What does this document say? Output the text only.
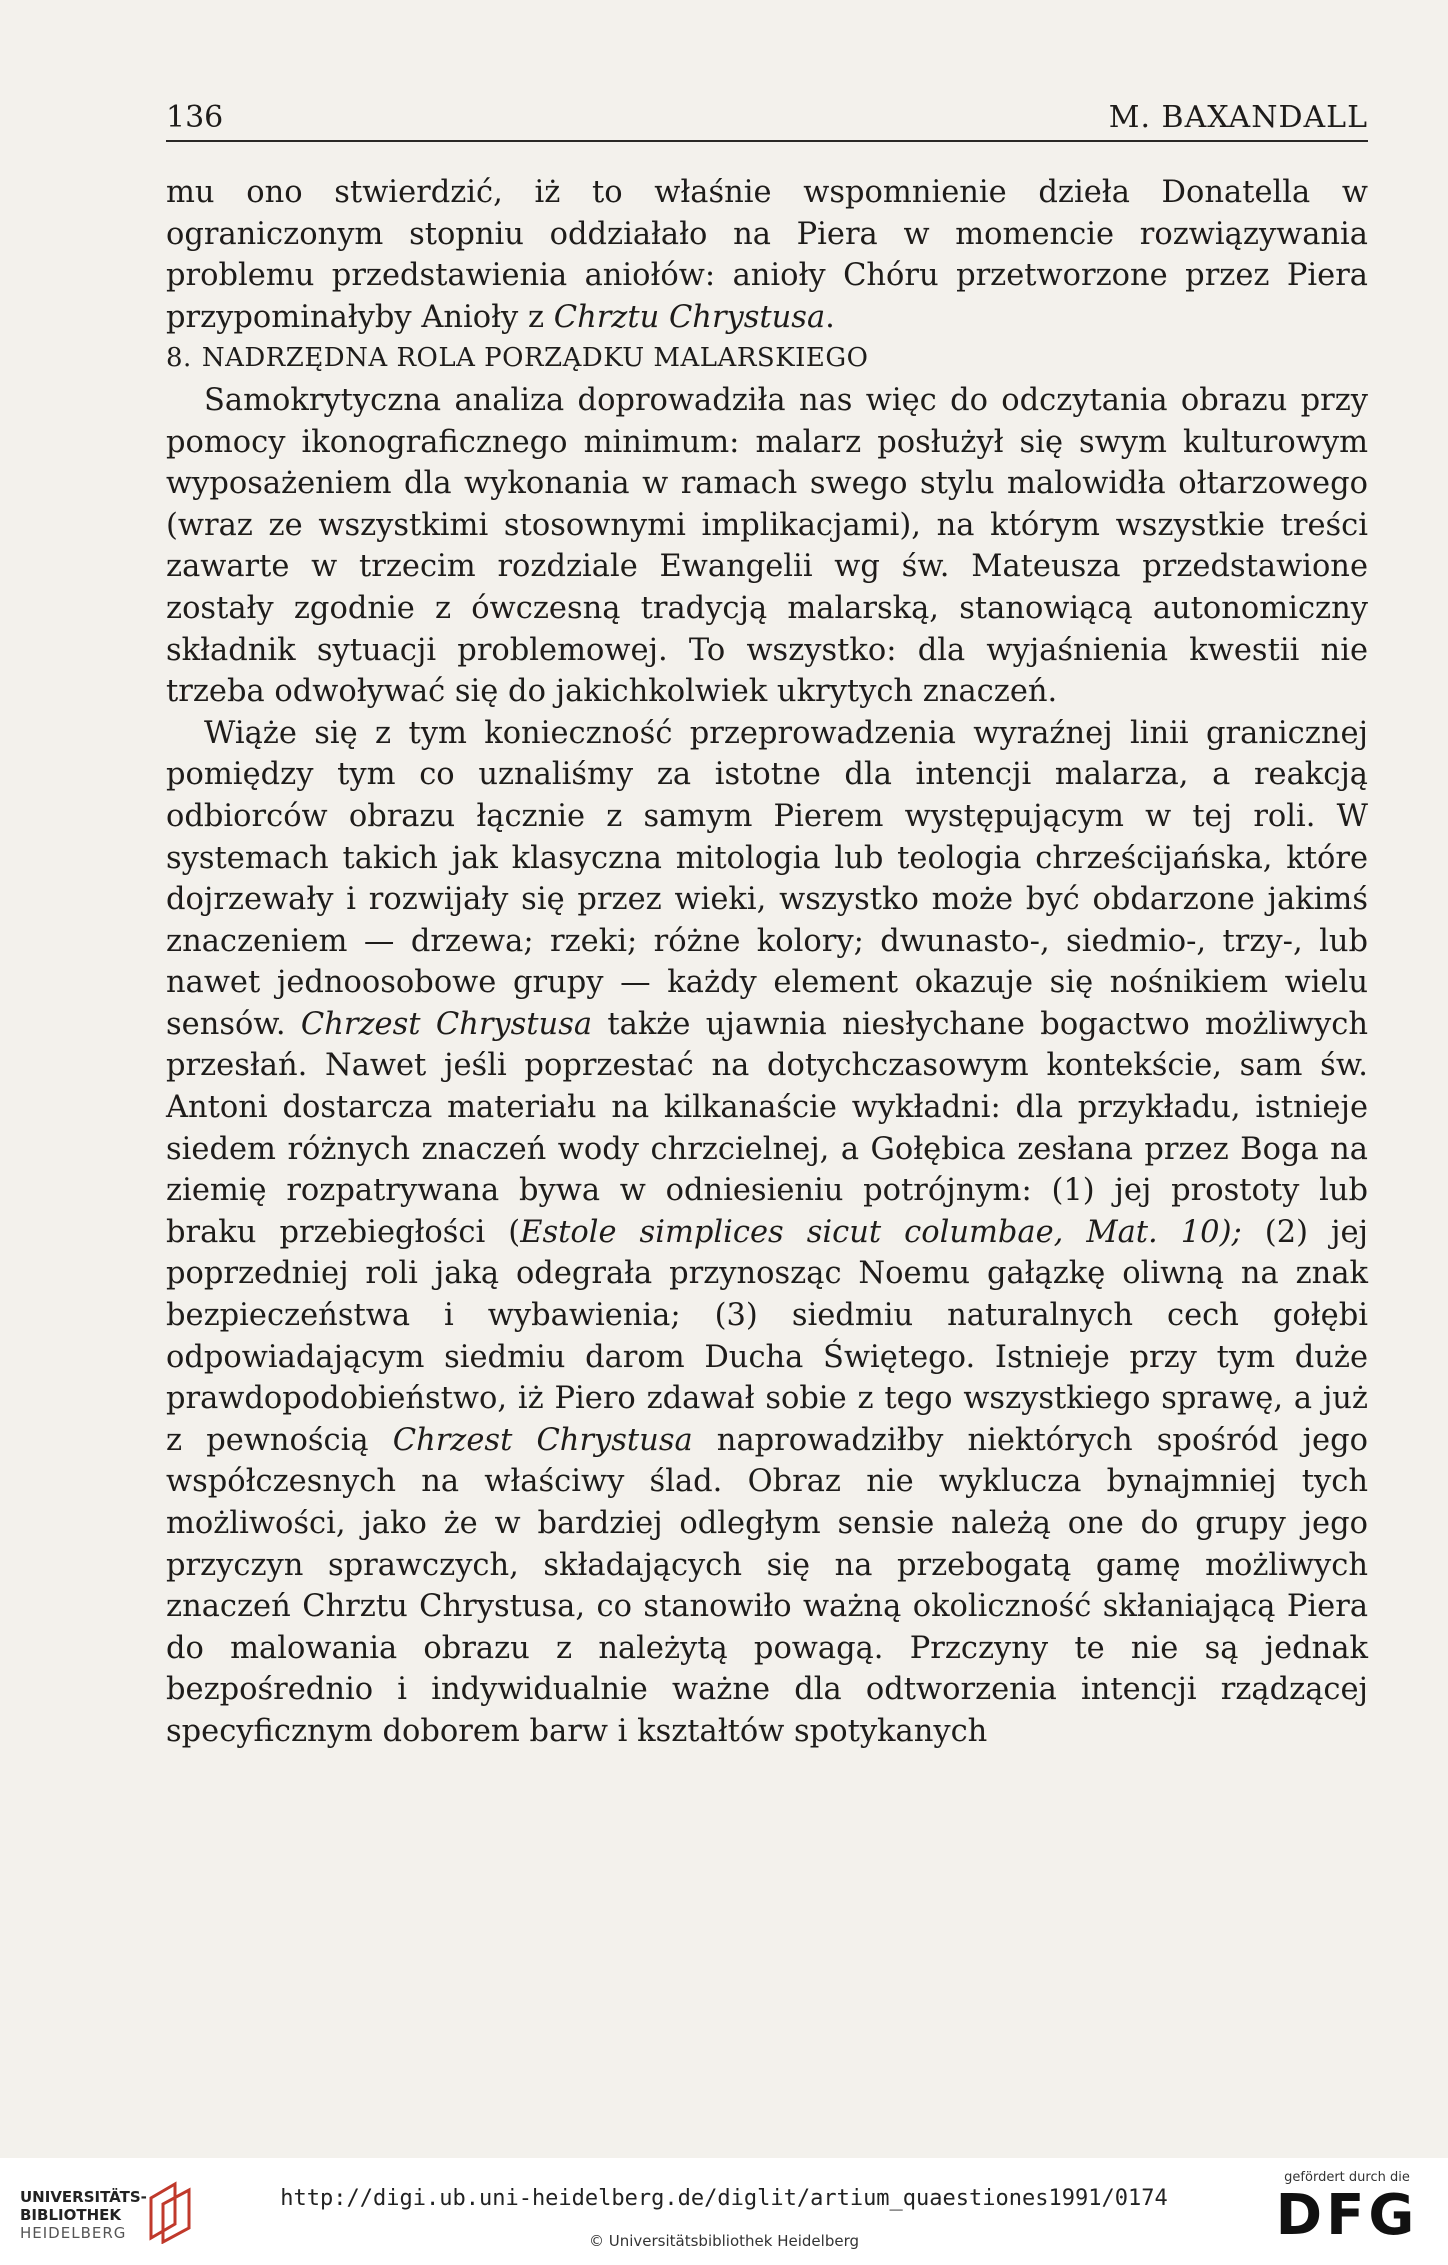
136	M. BAXANDALL

mu ono stwierdzić, iż to właśnie wspomnienie dzieła Donatella w ograniczonym stopniu oddziałało na Piera w momencie rozwiązywania problemu przedstawienia aniołów: anioły Chóru przetworzone przez Piera przypominałyby Anioły z Chrztu Chrystusa.

8. NADRZĘDNA ROLA PORZĄDKU MALARSKIEGO

Samokrytyczna analiza doprowadziła nas więc do odczytania obrazu przy pomocy ikonograficznego minimum: malarz posłużył się swym kulturowym wyposażeniem dla wykonania w ramach swego stylu malowidła ołtarzowego (wraz ze wszystkimi stosownymi implikacjami), na którym wszystkie treści zawarte w trzecim rozdziale Ewangelii wg św. Mateusza przedstawione zostały zgodnie z ówczesną tradycją malarską, stanowiącą autonomiczny składnik sytuacji problemowej. To wszystko: dla wyjaśnienia kwestii nie trzeba odwoływać się do jakichkolwiek ukrytych znaczeń.

Wiąże się z tym konieczność przeprowadzenia wyraźnej linii granicznej pomiędzy tym co uznaliśmy za istotne dla intencji malarza, a reakcją odbiorców obrazu łącznie z samym Pierem występującym w tej roli. W systemach takich jak klasyczna mitologia lub teologia chrześcijańska, które dojrzewały i rozwijały się przez wieki, wszystko może być obdarzone jakimś znaczeniem — drzewa; rzeki; różne kolory; dwunasto-, siedmio-, trzy-, lub nawet jednoosobowe grupy — każdy element okazuje się nośnikiem wielu sensów. Chrzest Chrystusa także ujawnia niesłychane bogactwo możliwych przesłań. Nawet jeśli poprzestać na dotychczasowym kontekście, sam św. Antoni dostarcza materiału na kilkanaście wykładni: dla przykładu, istnieje siedem różnych znaczeń wody chrzcielnej, a Gołębica zesłana przez Boga na ziemię rozpatrywana bywa w odniesieniu potrójnym: (1) jej prostoty lub braku przebiegłości (Estole simplices sicut columbae, Mat. 10); (2) jej poprzedniej roli jaką odegrała przynosząc Noemu gałązkę oliwną na znak bezpieczeństwa i wybawienia; (3) siedmiu naturalnych cech gołębi odpowiadającym siedmiu darom Ducha Świętego. Istnieje przy tym duże prawdopodobieństwo, iż Piero zdawał sobie z tego wszystkiego sprawę, a już z pewnością Chrzest Chrystusa naprowadziłby niektórych spośród jego współczesnych na właściwy ślad. Obraz nie wyklucza bynajmniej tych możliwości, jako że w bardziej odległym sensie należą one do grupy jego przyczyn sprawczych, składających się na przebogatą gamę możliwych znaczeń Chrztu Chrystusa, co stanowiło ważną okoliczność skłaniającą Piera do malowania obrazu z należytą powagą. Przczyny te nie są jednak bezpośrednio i indywidualnie ważne dla odtworzenia intencji rządzącej specyficznym doborem barw i kształtów spotykanych

UNIVERSITÄTS-
BIBLIOTHEK
HEIDELBERG
http://digi.ub.uni-heidelberg.de/diglit/artium_quaestiones1991/0174
© Universitätsbibliothek Heidelberg
gefördert durch die
DFG
